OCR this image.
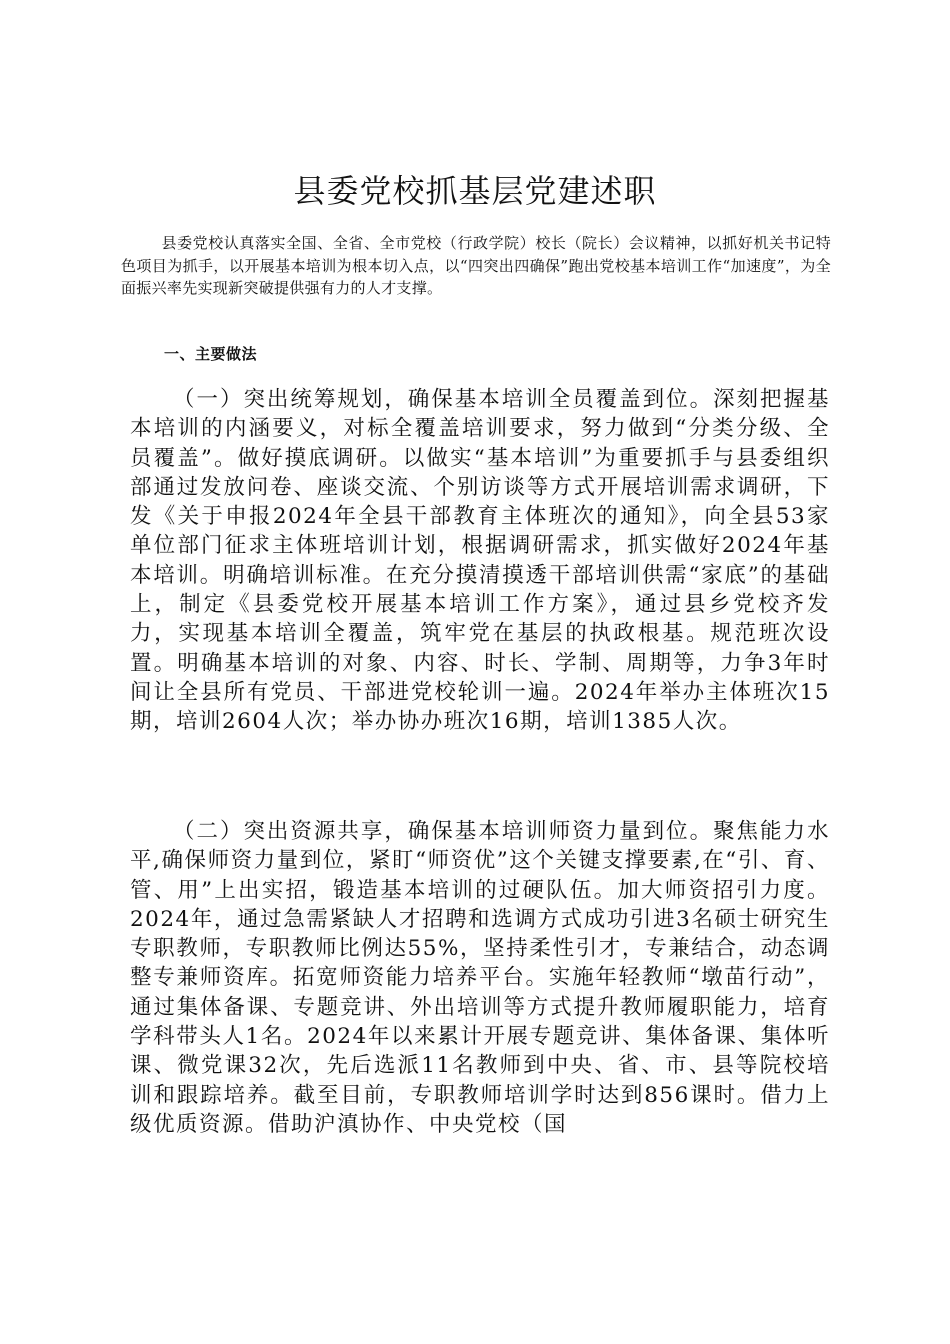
县委党校抓基层党建述职

县委党校认真落实全国、全省、全市党校（行政学院）校长（院长）会议精神，以抓好机关书记特色项目为抓手，以开展基本培训为根本切入点，以“四突出四确保”跑出党校基本培训工作“加速度”，为全面振兴率先实现新突破提供强有力的人才支撑。

一、主要做法

（一）突出统筹规划，确保基本培训全员覆盖到位。深刻把握基本培训的内涵要义，对标全覆盖培训要求，努力做到“分类分级、全员覆盖”。做好摸底调研。以做实“基本培训”为重要抓手与县委组织部通过发放问卷、座谈交流、个别访谈等方式开展培训需求调研，下发《关于申报2024年全县干部教育主体班次的通知》，向全县53家单位部门征求主体班培训计划，根据调研需求，抓实做好2024年基本培训。明确培训标准。在充分摸清摸透干部培训供需“家底”的基础上，制定《县委党校开展基本培训工作方案》，通过县乡党校齐发力，实现基本培训全覆盖，筑牢党在基层的执政根基。规范班次设置。明确基本培训的对象、内容、时长、学制、周期等，力争3年时间让全县所有党员、干部进党校轮训一遍。2024年举办主体班次15期，培训2604人次；举办协办班次16期，培训1385人次。

（二）突出资源共享，确保基本培训师资力量到位。聚焦能力水平,确保师资力量到位，紧盯“师资优”这个关键支撑要素,在“引、育、管、用”上出实招，锻造基本培训的过硬队伍。加大师资招引力度。2024年，通过急需紧缺人才招聘和选调方式成功引进3名硕士研究生专职教师，专职教师比例达55%，坚持柔性引才，专兼结合，动态调整专兼师资库。拓宽师资能力培养平台。实施年轻教师“墩苗行动”，通过集体备课、专题竞讲、外出培训等方式提升教师履职能力，培育学科带头人1名。2024年以来累计开展专题竞讲、集体备课、集体听课、微党课32次，先后选派11名教师到中央、省、市、县等院校培训和跟踪培养。截至目前，专职教师培训学时达到856课时。借力上级优质资源。借助沪滇协作、中央党校（国
